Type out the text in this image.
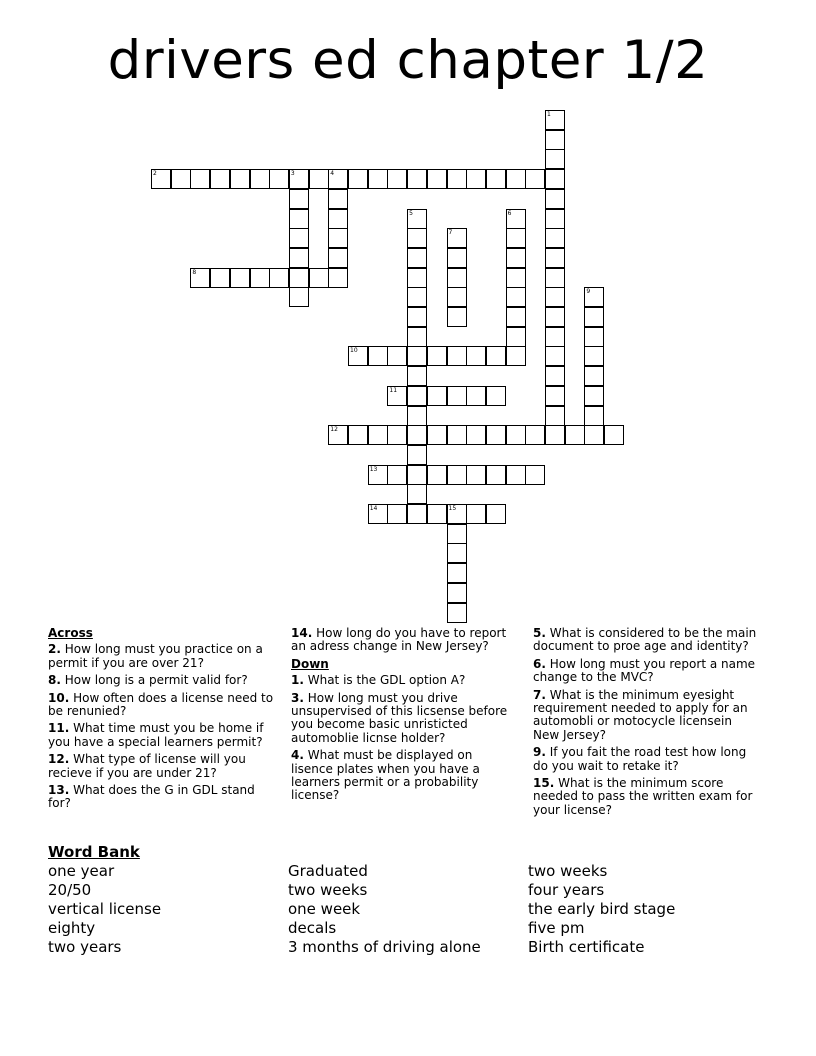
drivers ed chapter 1/2
1
2	3	4
5	6
7
8
9
10
11
12
13
14	15
Across
2. How long must you practice on a permit if you are over 21?
8. How long is a permit valid for?
10. How often does a license need to be renunied?
11. What time must you be home if you have a special learners permit?
12. What type of license will you recieve if you are under 21?
13. What does the G in GDL stand for?
14. How long do you have to report an adress change in New Jersey?
Down
1. What is the GDL option A?
3. How long must you drive unsupervised of this licsense before you become basic unristicted automoblie licnse holder?
4. What must be displayed on lisence plates when you have a learners permit or a probability license?
5. What is considered to be the main document to proe age and identity?
6. How long must you report a name change to the MVC?
7. What is the minimum eyesight requirement needed to apply for an automobli or motocycle licensein New Jersey?
9. If you fait the road test how long do you wait to retake it?
15. What is the minimum score needed to pass the written exam for your license?
Word Bank
one year
20/50
vertical license
eighty
two years
Graduated
two weeks
one week
decals
3 months of driving alone
two weeks
four years
the early bird stage
five pm
Birth certificate
